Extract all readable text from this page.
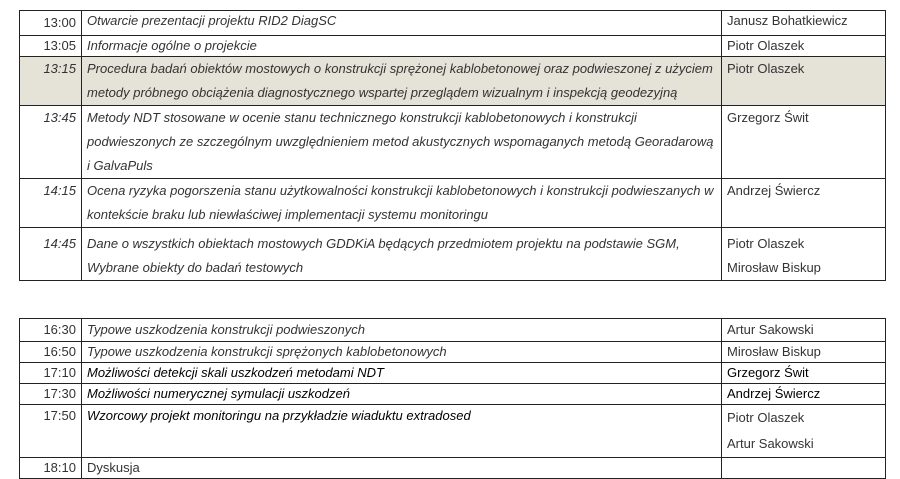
13:00	Otwarcie prezentacji projektu RID2 DiagSC	Janusz Bohatkiewicz
13:05	Informacje ogólne o projekcie	Piotr Olaszek
13:15	Procedura badań obiektów mostowych o konstrukcji sprężonej kablobetonowej oraz podwieszonej z użyciem metody próbnego obciążenia diagnostycznego wspartej przeglądem wizualnym i inspekcją geodezyjną	Piotr Olaszek
13:45	Metody NDT stosowane w ocenie stanu technicznego konstrukcji kablobetonowych i konstrukcji podwieszonych ze szczególnym uwzględnieniem metod akustycznych wspomaganych metodą Georadarową i GalvaPuls	Grzegorz Świt
14:15	Ocena ryzyka pogorszenia stanu użytkowalności konstrukcji kablobetonowych i konstrukcji podwieszanych w kontekście braku lub niewłaściwej implementacji systemu monitoringu	Andrzej Świercz
14:45	Dane o wszystkich obiektach mostowych GDDKiA będących przedmiotem projektu na podstawie SGM, Wybrane obiekty do badań testowych	Piotr Olaszek
Mirosław Biskup
16:30	Typowe uszkodzenia konstrukcji podwieszonych	Artur Sakowski
16:50	Typowe uszkodzenia konstrukcji sprężonych kablobetonowych	Mirosław Biskup
17:10	Możliwości detekcji skali uszkodzeń metodami NDT	Grzegorz Świt
17:30	Możliwości numerycznej symulacji uszkodzeń	Andrzej Świercz
17:50	Wzorcowy projekt monitoringu na przykładzie wiaduktu extradosed	Piotr Olaszek
Artur Sakowski

18:10	Dyskusja	
